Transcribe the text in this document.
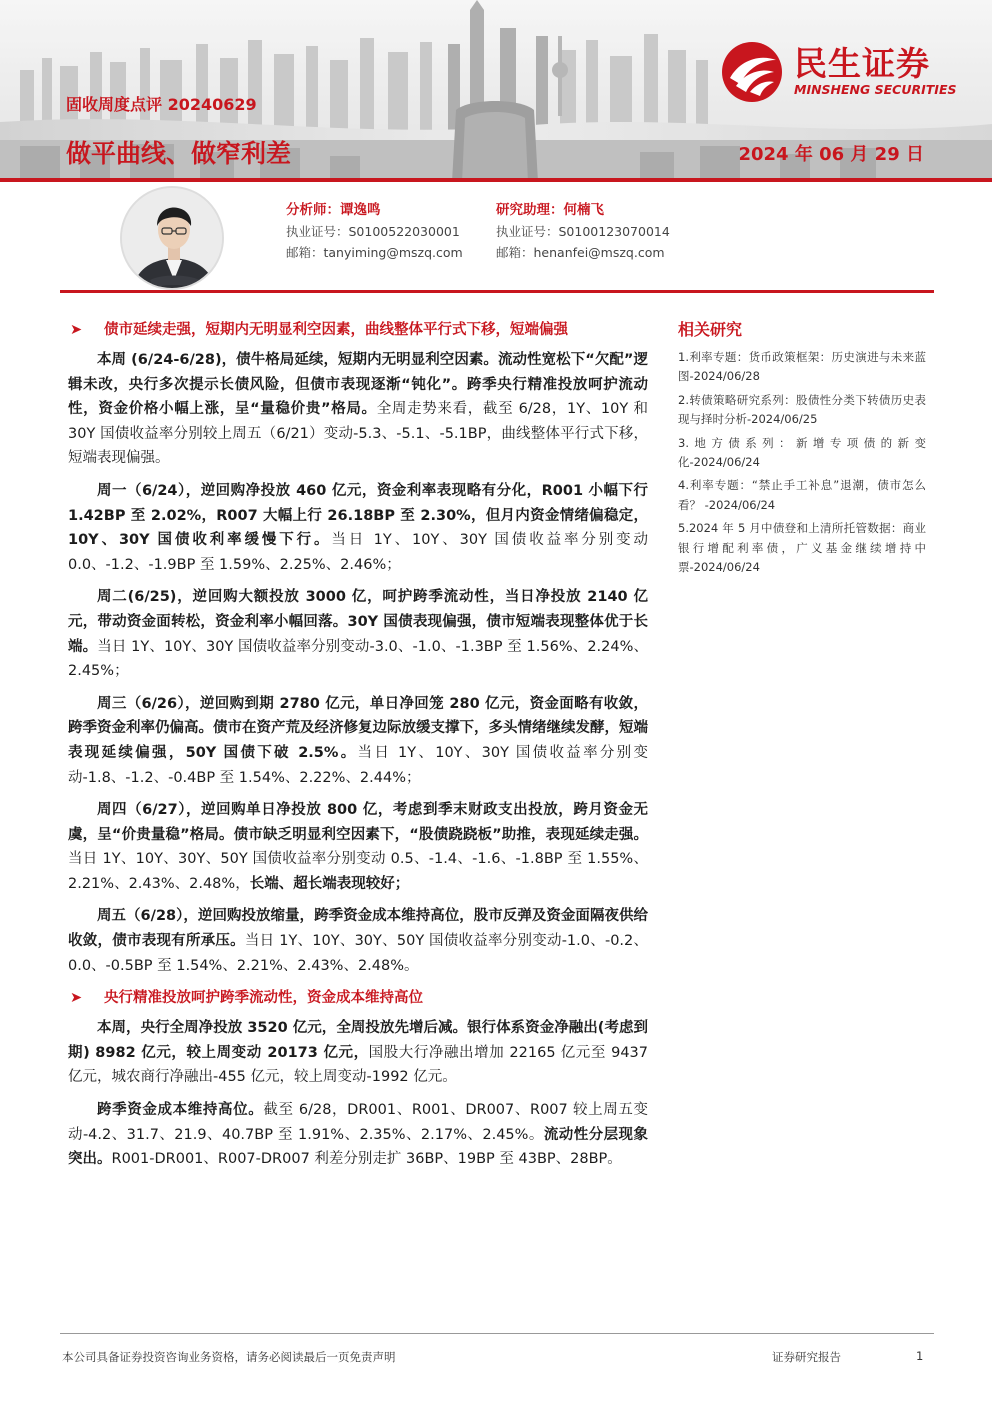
固收周度点评 20240629
做平曲线、做窄利差	2024 年 06 月 29 日
民生证券
MINSHENG SECURITIES
分析师：谭逸鸣
执业证号：S0100522030001
邮箱：tanyiming@mszq.com
研究助理：何楠飞
执业证号：S0100123070014
邮箱：henanfei@mszq.com
➤	债市延续走强，短期内无明显利空因素，曲线整体平行式下移，短端偏强

本周 (6/24-6/28)，债牛格局延续，短期内无明显利空因素。流动性宽松下“欠配”逻辑未改，央行多次提示长债风险，但债市表现逐渐“钝化”。跨季央行精准投放呵护流动性，资金价格小幅上涨，呈“量稳价贵”格局。全周走势来看，截至 6/28，1Y、10Y 和 30Y 国债收益率分别较上周五（6/21）变动-5.3、-5.1、-5.1BP，曲线整体平行式下移，短端表现偏强。

周一（6/24），逆回购净投放 460 亿元，资金利率表现略有分化，R001 小幅下行 1.42BP 至 2.02%，R007 大幅上行 26.18BP 至 2.30%，但月内资金情绪偏稳定，10Y、30Y 国债收利率缓慢下行。当日 1Y、10Y、30Y 国债收益率分别变动 0.0、-1.2、-1.9BP 至 1.59%、2.25%、2.46%；

周二(6/25)，逆回购大额投放 3000 亿，呵护跨季流动性，当日净投放 2140 亿元，带动资金面转松，资金利率小幅回落。30Y 国债表现偏强，债市短端表现整体优于长端。当日 1Y、10Y、30Y 国债收益率分别变动-3.0、-1.0、-1.3BP 至 1.56%、2.24%、2.45%；

周三（6/26），逆回购到期 2780 亿元，单日净回笼 280 亿元，资金面略有收敛，跨季资金利率仍偏高。债市在资产荒及经济修复边际放缓支撑下，多头情绪继续发酵，短端表现延续偏强，50Y 国债下破 2.5%。当日 1Y、10Y、30Y 国债收益率分别变动-1.8、-1.2、-0.4BP 至 1.54%、2.22%、2.44%；

周四（6/27），逆回购单日净投放 800 亿，考虑到季末财政支出投放，跨月资金无虞，呈“价贵量稳”格局。债市缺乏明显利空因素下，“股债跷跷板”助推，表现延续走强。当日 1Y、10Y、30Y、50Y 国债收益率分别变动 0.5、-1.4、-1.6、-1.8BP 至 1.55%、2.21%、2.43%、2.48%，长端、超长端表现较好；

周五（6/28），逆回购投放缩量，跨季资金成本维持高位，股市反弹及资金面隔夜供给收敛，债市表现有所承压。当日 1Y、10Y、30Y、50Y 国债收益率分别变动-1.0、-0.2、0.0、-0.5BP 至 1.54%、2.21%、2.43%、2.48%。

➤	央行精准投放呵护跨季流动性，资金成本维持高位

本周，央行全周净投放 3520 亿元，全周投放先增后减。银行体系资金净融出(考虑到期) 8982 亿元，较上周变动 20173 亿元，国股大行净融出增加 22165 亿元至 9437 亿元，城农商行净融出-455 亿元，较上周变动-1992 亿元。

跨季资金成本维持高位。截至 6/28，DR001、R001、DR007、R007 较上周五变动-4.2、31.7、21.9、40.7BP 至 1.91%、2.35%、2.17%、2.45%。流动性分层现象突出。R001-DR001、R007-DR007 利差分别走扩 36BP、19BP 至 43BP、28BP。

相关研究
1.利率专题：货币政策框架：历史演进与未来蓝图-2024/06/28
2.转债策略研究系列：股债性分类下转债历史表现与择时分析-2024/06/25
3.地方债系列：新增专项债的新变化-2024/06/24
4.利率专题：“禁止手工补息”退潮，债市怎么看？ -2024/06/24
5.2024 年 5 月中债登和上清所托管数据：商业银行增配利率债，广义基金继续增持中票-2024/06/24
本公司具备证券投资咨询业务资格，请务必阅读最后一页免责声明	证券研究报告	1
